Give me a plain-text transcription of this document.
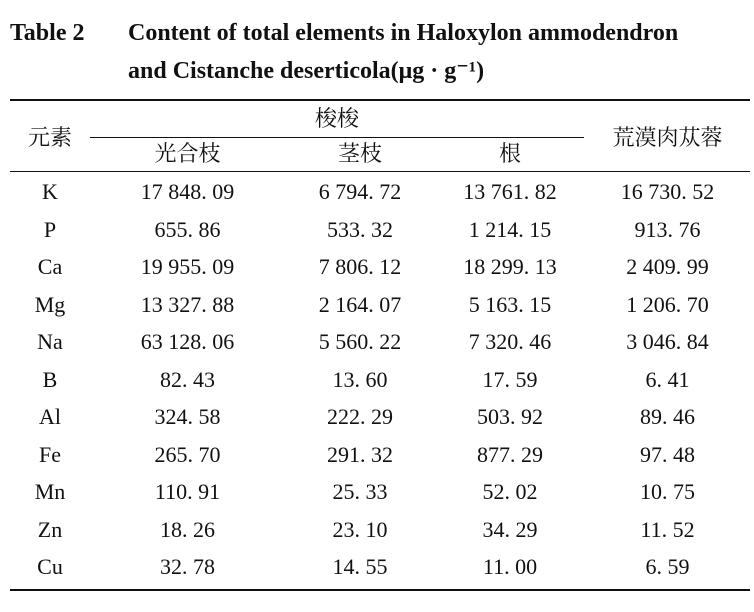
Table 2 Content of total elements in Haloxylon ammodendron
and Cistanche deserticola(μg · g⁻¹)
元素
梭梭
光合枝	茎枝	根
荒漠肉苁蓉
K	17 848. 09	6 794. 72	13 761. 82	16 730. 52
P	655. 86	533. 32	1 214. 15	913. 76
Ca	19 955. 09	7 806. 12	18 299. 13	2 409. 99
Mg	13 327. 88	2 164. 07	5 163. 15	1 206. 70
Na	63 128. 06	5 560. 22	7 320. 46	3 046. 84
B	82. 43	13. 60	17. 59	6. 41
Al	324. 58	222. 29	503. 92	89. 46
Fe	265. 70	291. 32	877. 29	97. 48
Mn	110. 91	25. 33	52. 02	10. 75
Zn	18. 26	23. 10	34. 29	11. 52
Cu	32. 78	14. 55	11. 00	6. 59
